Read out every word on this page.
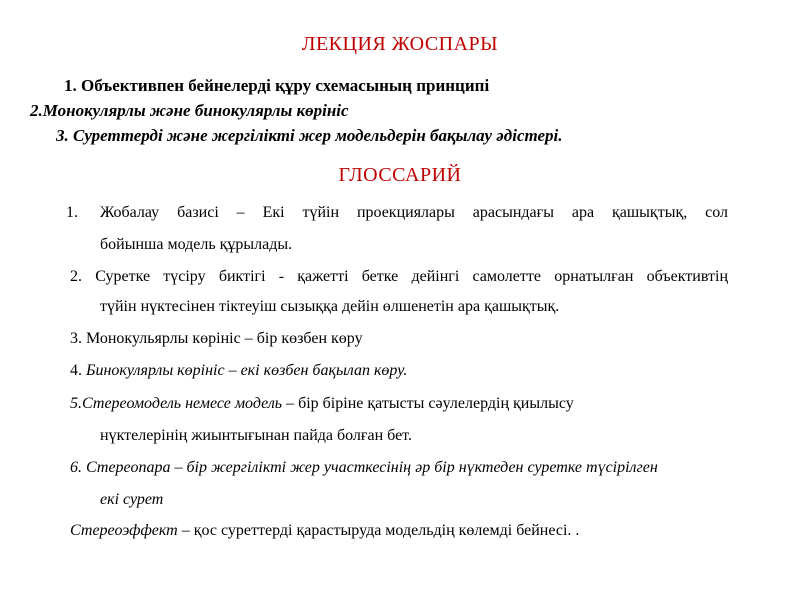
ЛЕКЦИЯ ЖОСПАРЫ
1. Объективпен бейнелерді құру схемасының принципі
2.Монокулярлы және бинокулярлы көрініс
3. Суреттерді және жергілікті жер модельдерін бақылау әдістері.
ГЛОССАРИЙ
1. Жобалау базисі – Екі түйін проекциялары арасындағы ара қашықтық, сол
бойынша модель құрылады.
2. Суретке түсіру биктігі - қажетті бетке дейінгі самолетте орнатылған объективтің
түйін нүктесінен тіктеуіш сызыққа дейін өлшенетін ара қашықтық.
3. Монокульярлы көрініс – бір көзбен көру
4. Бинокулярлы көрініс – екі көзбен бақылап көру.
5.Стереомодель немесе модель – бір біріне қатысты сәулелердің қиылысу
нүктелерінің жиынтығынан пайда болған бет.
6. Стереопара – бір жергілікті жер участкесінің әр бір нүктеден суретке түсірілген
екі сурет
Стереоэффект – қос суреттерді қарастыруда модельдің көлемді бейнесі. .
